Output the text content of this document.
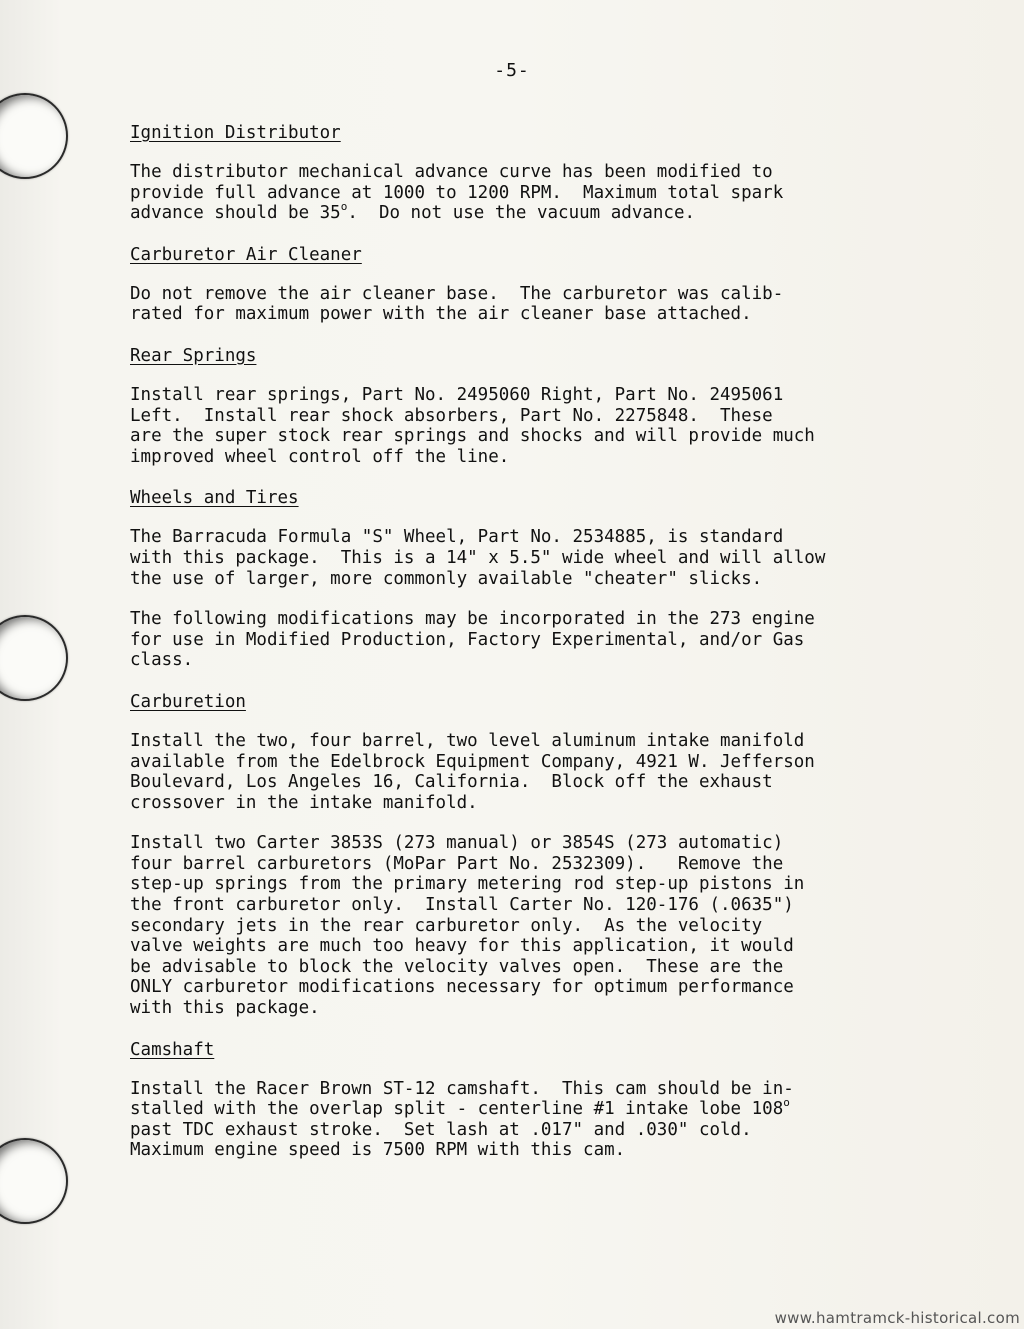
-5-
Ignition Distributor
The distributor mechanical advance curve has been modified to
provide full advance at 1000 to 1200 RPM.  Maximum total spark
advance should be 35$^o$.  Do not use the vacuum advance.
Carburetor Air Cleaner
Do not remove the air cleaner base.  The carburetor was calib-
rated for maximum power with the air cleaner base attached.
Rear Springs
Install rear springs, Part No. 2495060 Right, Part No. 2495061
Left.  Install rear shock absorbers, Part No. 2275848.  These
are the super stock rear springs and shocks and will provide much
improved wheel control off the line.
Wheels and Tires
The Barracuda Formula "S" Wheel, Part No. 2534885, is standard
with this package.  This is a 14" x 5.5" wide wheel and will allow
the use of larger, more commonly available "cheater" slicks.
The following modifications may be incorporated in the 273 engine
for use in Modified Production, Factory Experimental, and/or Gas
class.
Carburetion
Install the two, four barrel, two level aluminum intake manifold
available from the Edelbrock Equipment Company, 4921 W. Jefferson
Boulevard, Los Angeles 16, California.  Block off the exhaust
crossover in the intake manifold.
Install two Carter 3853S (273 manual) or 3854S (273 automatic)
four barrel carburetors (MoPar Part No. 2532309).   Remove the
step-up springs from the primary metering rod step-up pistons in
the front carburetor only.  Install Carter No. 120-176 (.0635")
secondary jets in the rear carburetor only.  As the velocity
valve weights are much too heavy for this application, it would
be advisable to block the velocity valves open.  These are the
ONLY carburetor modifications necessary for optimum performance
with this package.
Camshaft
Install the Racer Brown ST-12 camshaft.  This cam should be in-
stalled with the overlap split - centerline #1 intake lobe 108$^o$
past TDC exhaust stroke.  Set lash at .017" and .030" cold.
Maximum engine speed is 7500 RPM with this cam.
www.hamtramck-historical.com
